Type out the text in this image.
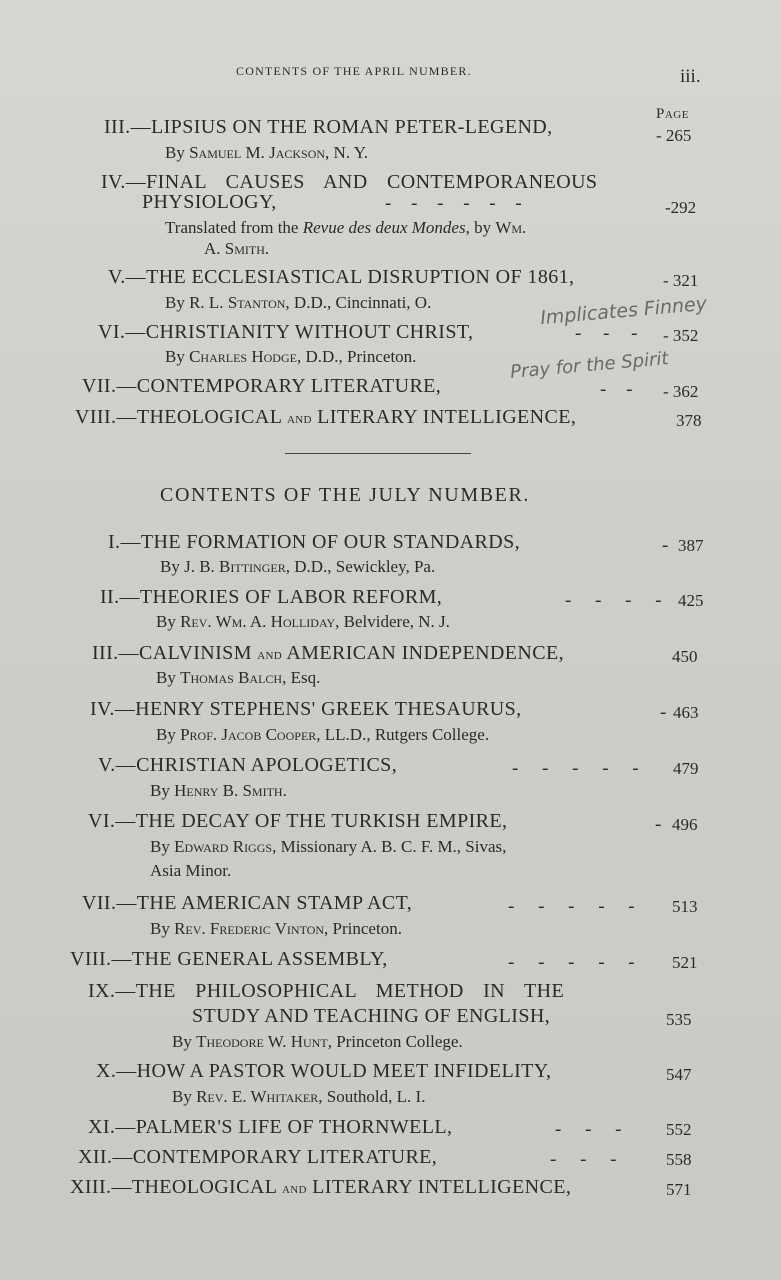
CONTENTS OF THE APRIL NUMBER.	iii.
Page
III.—LIPSIUS ON THE ROMAN PETER-LEGEND,	- 265
By Samuel M. Jackson, N. Y.
IV.—FINAL CAUSES AND CONTEMPORANEOUS
PHYSIOLOGY,	- - - - - -	-292
Translated from the Revue des deux Mondes, by Wm.
A. Smith.
V.—THE ECCLESIASTICAL DISRUPTION OF 1861,	- 321
By R. L. Stanton, D.D., Cincinnati, O.
VI.—CHRISTIANITY WITHOUT CHRIST,	- - - - 352
By Charles Hodge, D.D., Princeton.
VII.—CONTEMPORARY LITERATURE,	- - - 362
VIII.—THEOLOGICAL and LITERARY INTELLIGENCE,	378
Implicates Finney
Pray for the Spirit
CONTENTS OF THE JULY NUMBER.
I.—THE FORMATION OF OUR STANDARDS,	- 387
By J. B. Bittinger, D.D., Sewickley, Pa.
II.—THEORIES OF LABOR REFORM,	- - - - 425
By Rev. Wm. A. Holliday, Belvidere, N. J.
III.—CALVINISM and AMERICAN INDEPENDENCE,	450
By Thomas Balch, Esq.
IV.—HENRY STEPHENS' GREEK THESAURUS,	- 463
By Prof. Jacob Cooper, LL.D., Rutgers College.
V.—CHRISTIAN APOLOGETICS,	- - - - - 479
By Henry B. Smith.
VI.—THE DECAY OF THE TURKISH EMPIRE,	- 496
By Edward Riggs, Missionary A. B. C. F. M., Sivas,
Asia Minor.
VII.—THE AMERICAN STAMP ACT,	- - - - - 513
By Rev. Frederic Vinton, Princeton.
VIII.—THE GENERAL ASSEMBLY,	- - - - - 521
IX.—THE PHILOSOPHICAL METHOD IN THE
STUDY AND TEACHING OF ENGLISH,	535
By Theodore W. Hunt, Princeton College.
X.—HOW A PASTOR WOULD MEET INFIDELITY,	547
By Rev. E. Whitaker, Southold, L. I.
XI.—PALMER'S LIFE OF THORNWELL,	- - -	552
XII.—CONTEMPORARY LITERATURE,	- - -	558
XIII.—THEOLOGICAL and LITERARY INTELLIGENCE,	571
